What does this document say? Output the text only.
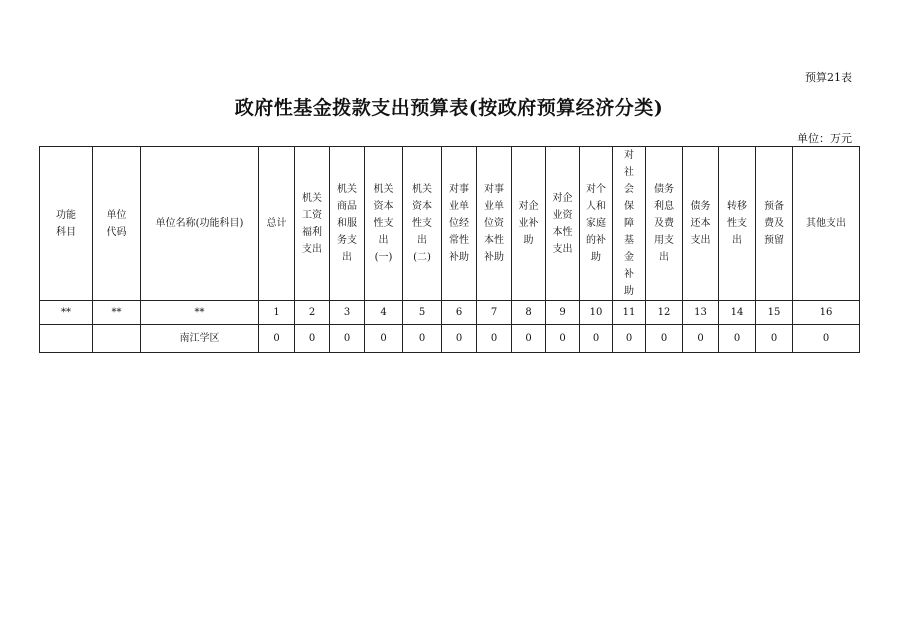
预算21表
政府性基金拨款支出预算表(按政府预算经济分类)
单位：万元
功能科目	单位代码	单位名称(功能科目)	总计	机关工资福利支出	机关商品和服务支出	机关资本性支出(一)	机关资本性支出(二)	对事业单位经常性补助	对事业单位资本性补助	对企业补助	对企业资本性支出	对个人和家庭的补助	对社会保障基金补助	债务利息及费用支出	债务还本支出	转移性支出	预备费及预留	其他支出
**	**	**	1	2	3	4	5	6	7	8	9	10	11	12	13	14	15	16
		南江学区	0	0	0	0	0	0	0	0	0	0	0	0	0	0	0	0
